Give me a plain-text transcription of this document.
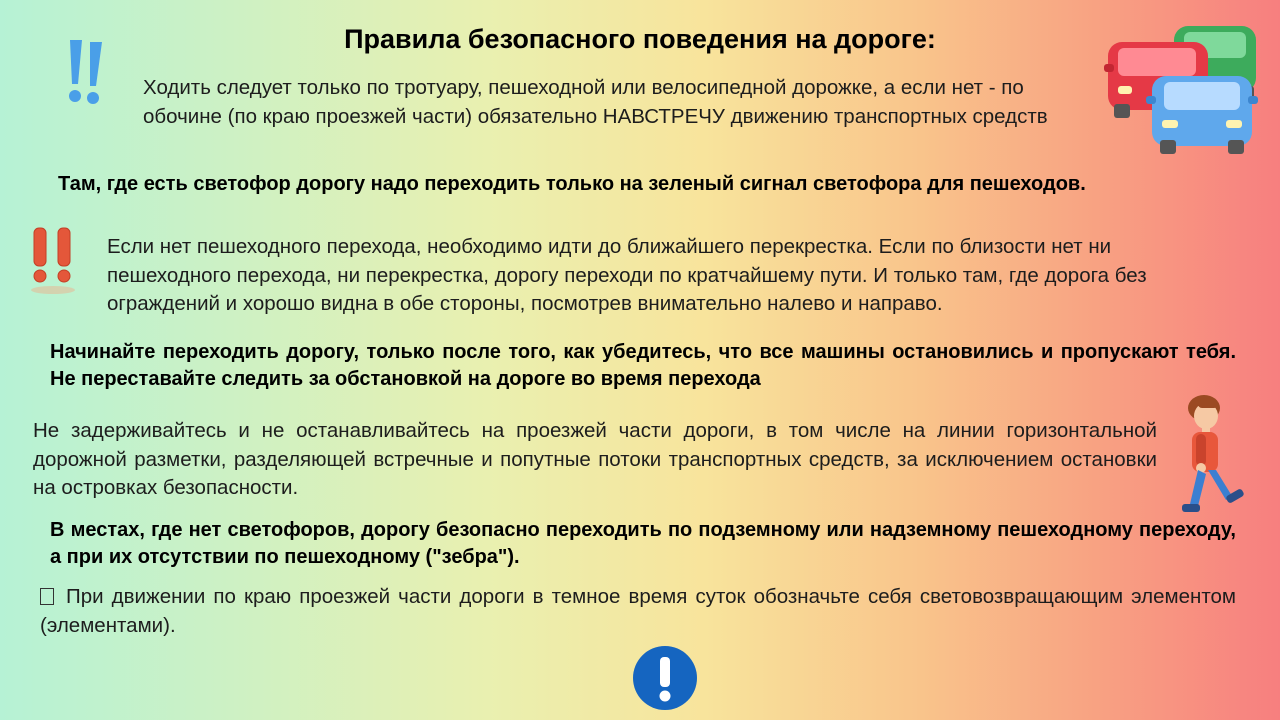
Правила безопасного поведения на дороге:
Ходить следует только по тротуару, пешеходной или велосипедной дорожке, а если нет - по обочине (по краю проезжей части) обязательно НАВСТРЕЧУ движению транспортных средств
Там, где есть светофор дорогу надо переходить только на зеленый сигнал светофора для пешеходов.
Если нет пешеходного перехода, необходимо идти до ближайшего перекрестка. Если по близости нет ни пешеходного перехода, ни перекрестка, дорогу переходи по кратчайшему пути. И только там, где дорога без ограждений и хорошо видна в обе стороны, посмотрев внимательно налево и направо.
Начинайте переходить дорогу, только после того, как убедитесь, что все машины остановились и пропускают тебя. Не переставайте следить за обстановкой на дороге во время перехода
Не задерживайтесь и не останавливайтесь на проезжей части дороги, в том числе на линии горизонтальной дорожной разметки, разделяющей встречные и попутные потоки транспортных средств, за исключением остановки на островках безопасности.
В местах, где нет светофоров, дорогу безопасно переходить по подземному или надземному пешеходному переходу, а при их отсутствии по пешеходному ("зебра").
При движении по краю проезжей части дороги в темное время суток обозначьте себя световозвращающим элементом (элементами).
